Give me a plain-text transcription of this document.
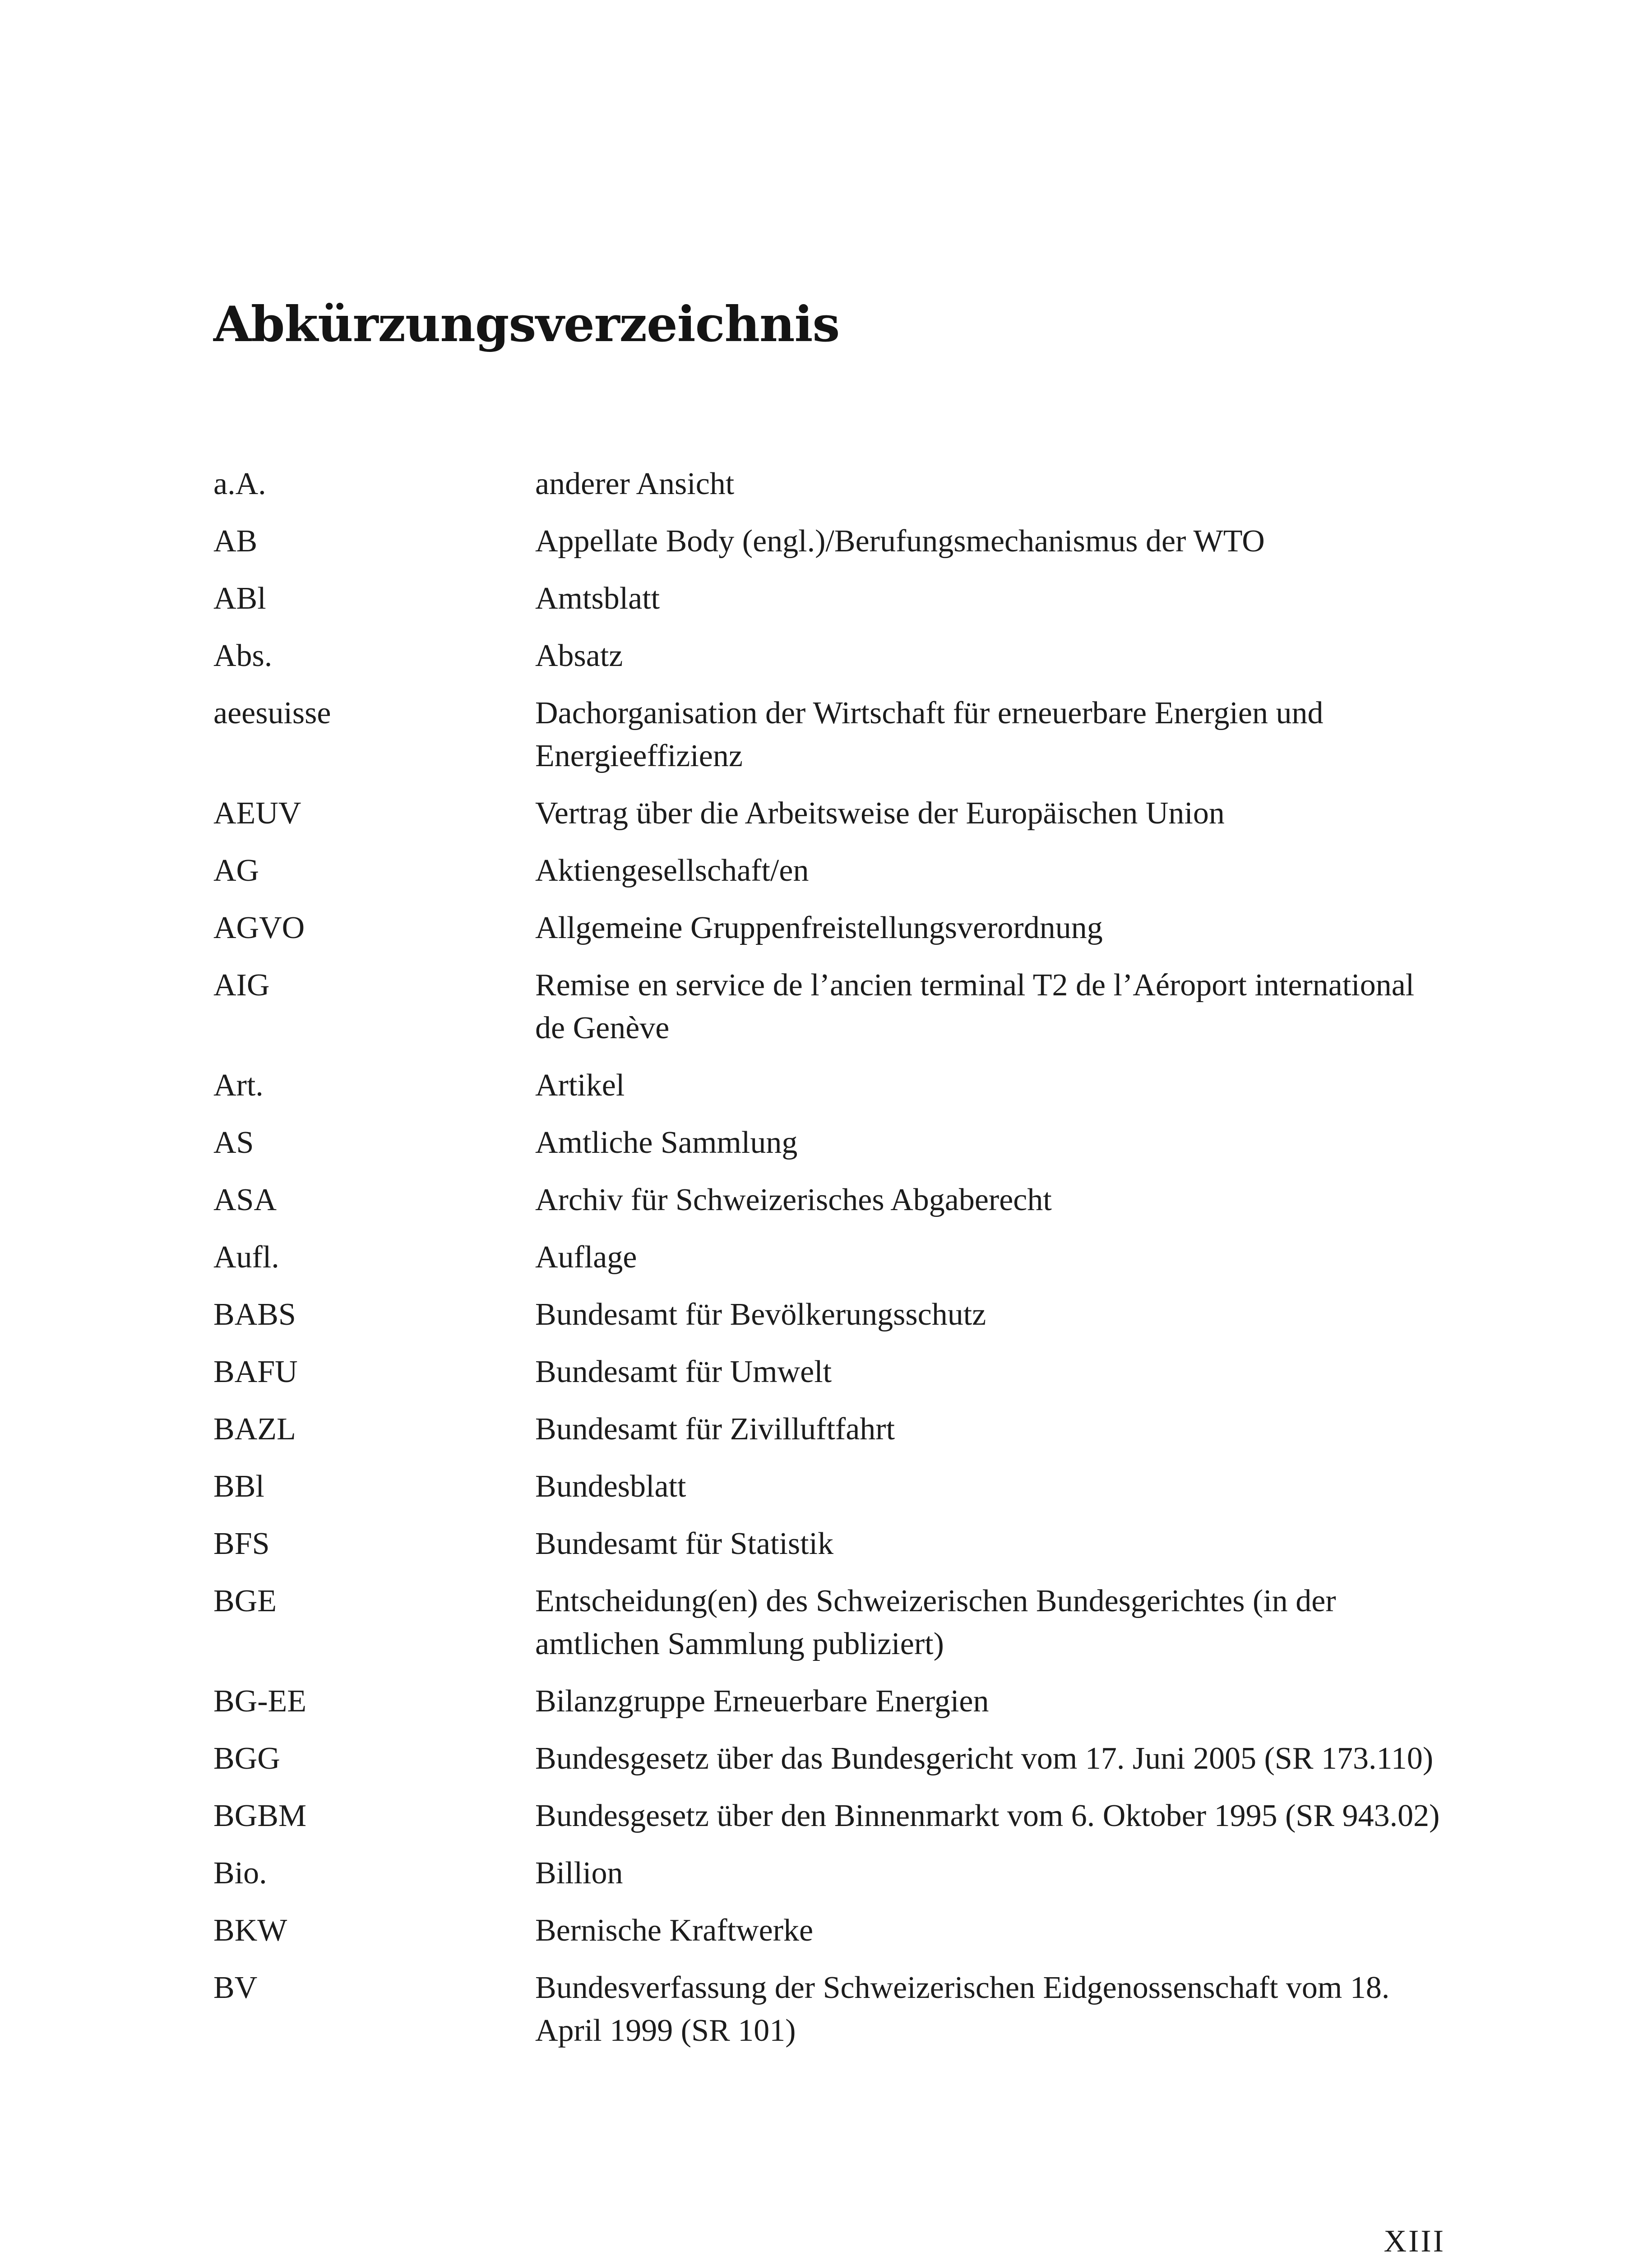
Abkürzungsverzeichnis
a.A.	anderer Ansicht
AB	Appellate Body (engl.)/Berufungsmechanismus der WTO
ABl	Amtsblatt
Abs.	Absatz
aeesuisse	Dachorganisation der Wirtschaft für erneuerbare Energien und Energieeffizienz
AEUV	Vertrag über die Arbeitsweise der Europäischen Union
AG	Aktiengesellschaft/en
AGVO	Allgemeine Gruppenfreistellungsverordnung
AIG	Remise en service de l’ancien terminal T2 de l’Aéroport international de Genève
Art.	Artikel
AS	Amtliche Sammlung
ASA	Archiv für Schweizerisches Abgaberecht
Aufl.	Auflage
BABS	Bundesamt für Bevölkerungsschutz
BAFU	Bundesamt für Umwelt
BAZL	Bundesamt für Zivilluftfahrt
BBl	Bundesblatt
BFS	Bundesamt für Statistik
BGE	Entscheidung(en) des Schweizerischen Bundesgerichtes (in der amtlichen Sammlung publiziert)
BG-EE	Bilanzgruppe Erneuerbare Energien
BGG	Bundesgesetz über das Bundesgericht vom 17. Juni 2005 (SR 173.110)
BGBM	Bundesgesetz über den Binnenmarkt vom 6. Oktober 1995 (SR 943.02)
Bio.	Billion
BKW	Bernische Kraftwerke
BV	Bundesverfassung der Schweizerischen Eidgenossenschaft vom 18. April 1999 (SR 101)
XIII
